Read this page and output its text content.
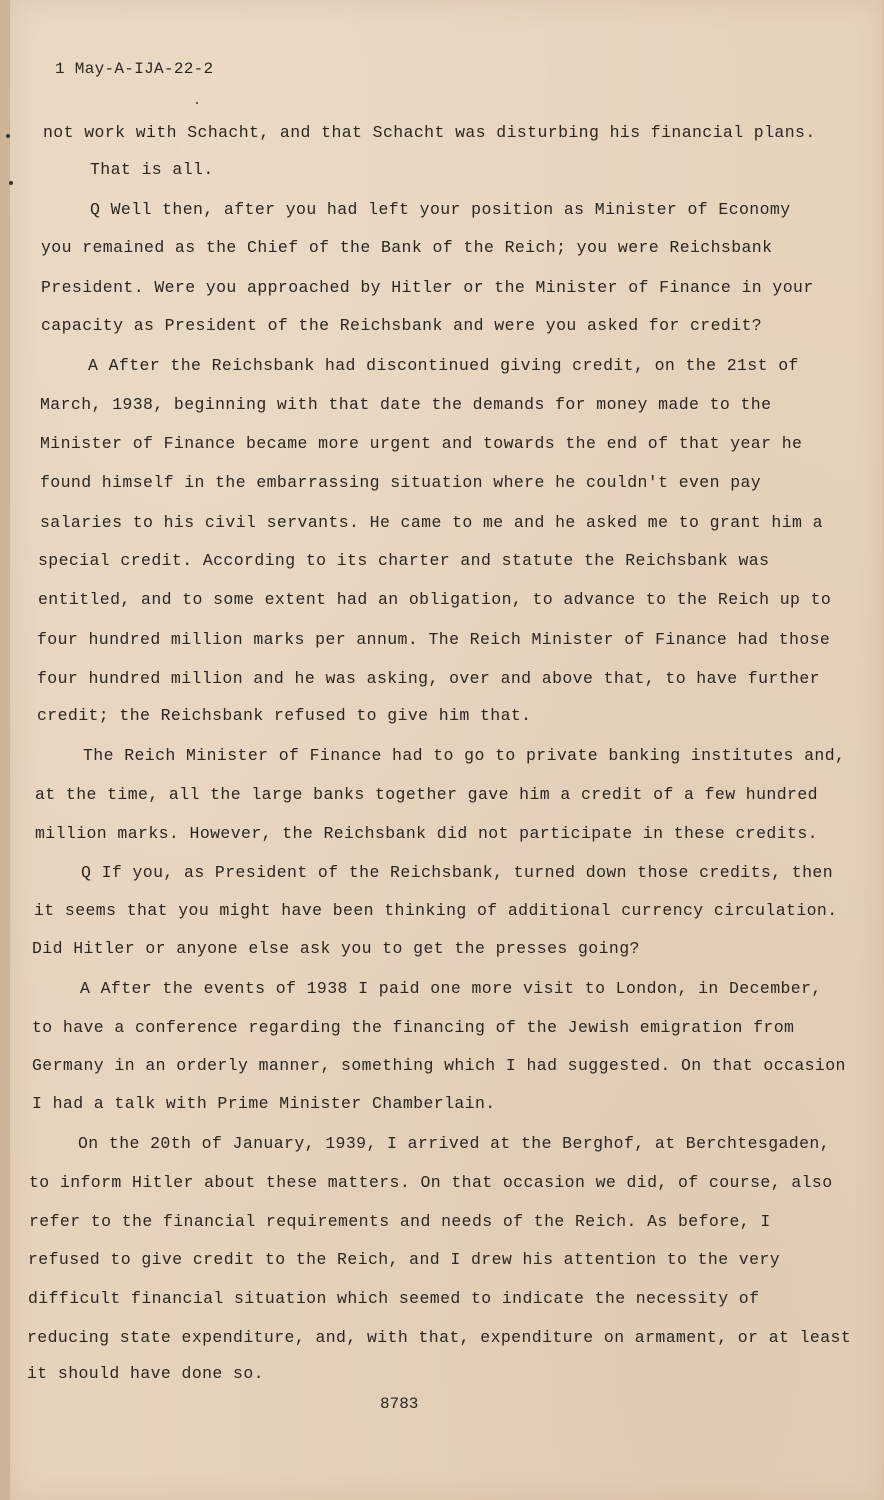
1 May-A-IJA-22-2
not work with Schacht, and that Schacht was disturbing his financial plans.
That is all.
Q Well then, after you had left your position as Minister of Economy
you remained as the Chief of the Bank of the Reich; you were Reichsbank
President. Were you approached by Hitler or the Minister of Finance in your
capacity as President of the Reichsbank and were you asked for credit?
A After the Reichsbank had discontinued giving credit, on the 21st of
March, 1938, beginning with that date the demands for money made to the
Minister of Finance became more urgent and towards the end of that year he
found himself in the embarrassing situation where he couldn't even pay
salaries to his civil servants. He came to me and he asked me to grant him a
special credit. According to its charter and statute the Reichsbank was
entitled, and to some extent had an obligation, to advance to the Reich up to
four hundred million marks per annum. The Reich Minister of Finance had those
four hundred million and he was asking, over and above that, to have further
credit; the Reichsbank refused to give him that.
The Reich Minister of Finance had to go to private banking institutes and,
at the time, all the large banks together gave him a credit of a few hundred
million marks. However, the Reichsbank did not participate in these credits.
Q If you, as President of the Reichsbank, turned down those credits, then
it seems that you might have been thinking of additional currency circulation.
Did Hitler or anyone else ask you to get the presses going?
A After the events of 1938 I paid one more visit to London, in December,
to have a conference regarding the financing of the Jewish emigration from
Germany in an orderly manner, something which I had suggested. On that occasion
I had a talk with Prime Minister Chamberlain.
On the 20th of January, 1939, I arrived at the Berghof, at Berchtesgaden,
to inform Hitler about these matters. On that occasion we did, of course, also
refer to the financial requirements and needs of the Reich. As before, I
refused to give credit to the Reich, and I drew his attention to the very
difficult financial situation which seemed to indicate the necessity of
reducing state expenditure, and, with that, expenditure on armament, or at least
it should have done so.
8783
